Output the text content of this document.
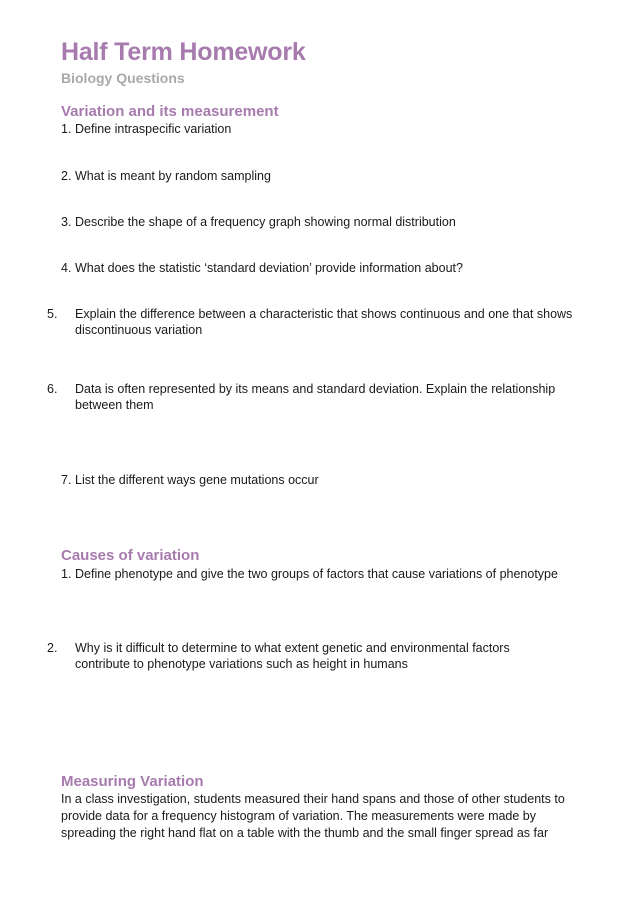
Half Term Homework
Biology Questions
Variation and its measurement
1. Define intraspecific variation
2. What is meant by random sampling
3. Describe the shape of a frequency graph showing normal distribution
4. What does the statistic ‘standard deviation’ provide information about?
5. Explain the difference between a characteristic that shows continuous and one that shows discontinuous variation
6. Data is often represented by its means and standard deviation. Explain the relationship between them
7. List the different ways gene mutations occur
Causes of variation
1. Define phenotype and give the two groups of factors that cause variations of phenotype
2. Why is it difficult to determine to what extent genetic and environmental factors contribute to phenotype variations such as height in humans
Measuring Variation
In a class investigation, students measured their hand spans and those of other students to provide data for a frequency histogram of variation. The measurements were made by spreading the right hand flat on a table with the thumb and the small finger spread as far
